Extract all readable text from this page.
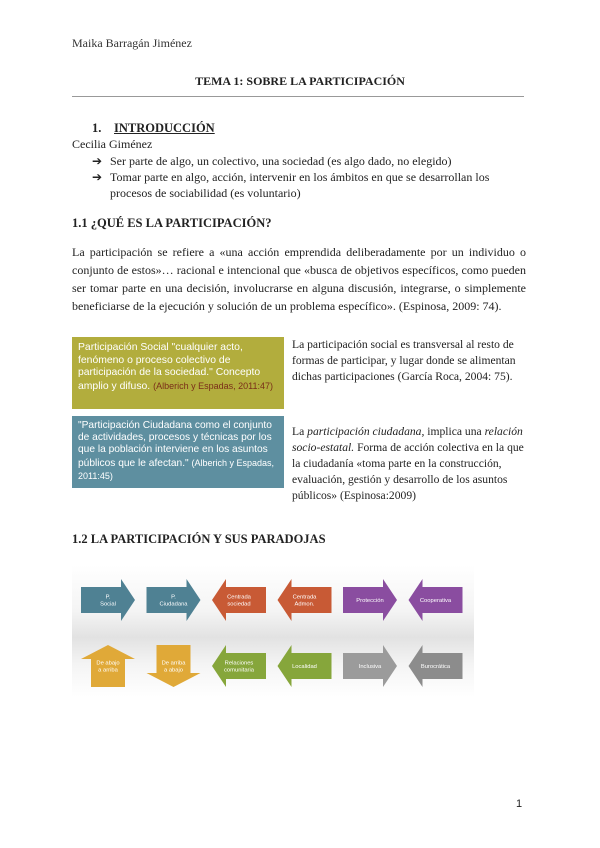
Maika Barragán Jiménez
TEMA 1: SOBRE LA PARTICIPACIÓN
1. INTRODUCCIÓN
Cecilia Giménez
➔ Ser parte de algo, un colectivo, una sociedad (es algo dado, no elegido)
➔ Tomar parte en algo, acción, intervenir en los ámbitos en que se desarrollan los procesos de sociabilidad (es voluntario)
1.1 ¿QUÉ ES LA PARTICIPACIÓN?
La participación se refiere a «una acción emprendida deliberadamente por un individuo o conjunto de estos»… racional e intencional que «busca de objetivos específicos, como pueden ser tomar parte en una decisión, involucrarse en alguna discusión, integrarse, o simplemente beneficiarse de la ejecución y solución de un problema específico». (Espinosa, 2009: 74).
Participación Social "cualquier acto, fenómeno o proceso colectivo de participación de la sociedad." Concepto amplio y difuso. (Alberich y Espadas, 2011:47)
"Participación Ciudadana como el conjunto de actividades, procesos y técnicas por los que la población interviene en los asuntos públicos que le afectan." (Alberich y Espadas, 2011:45)
La participación social es transversal al resto de formas de participar, y lugar donde se alimentan dichas participaciones (García Roca, 2004: 75).
La participación ciudadana, implica una relación socio-estatal. Forma de acción colectiva en la que la ciudadanía «toma parte en la construcción, evaluación, gestión y desarrollo de los asuntos públicos» (Espinosa:2009)
1.2 LA PARTICIPACIÓN Y SUS PARADOJAS
P. Social
P. Ciudadana
Centrada sociedad
Centrada Admon.
Protección	Cooperativa
De abajo a arriba
De arriba a abajo
Relaciones comunitaria
Localidad	Inclusiva	Burocrática
1
